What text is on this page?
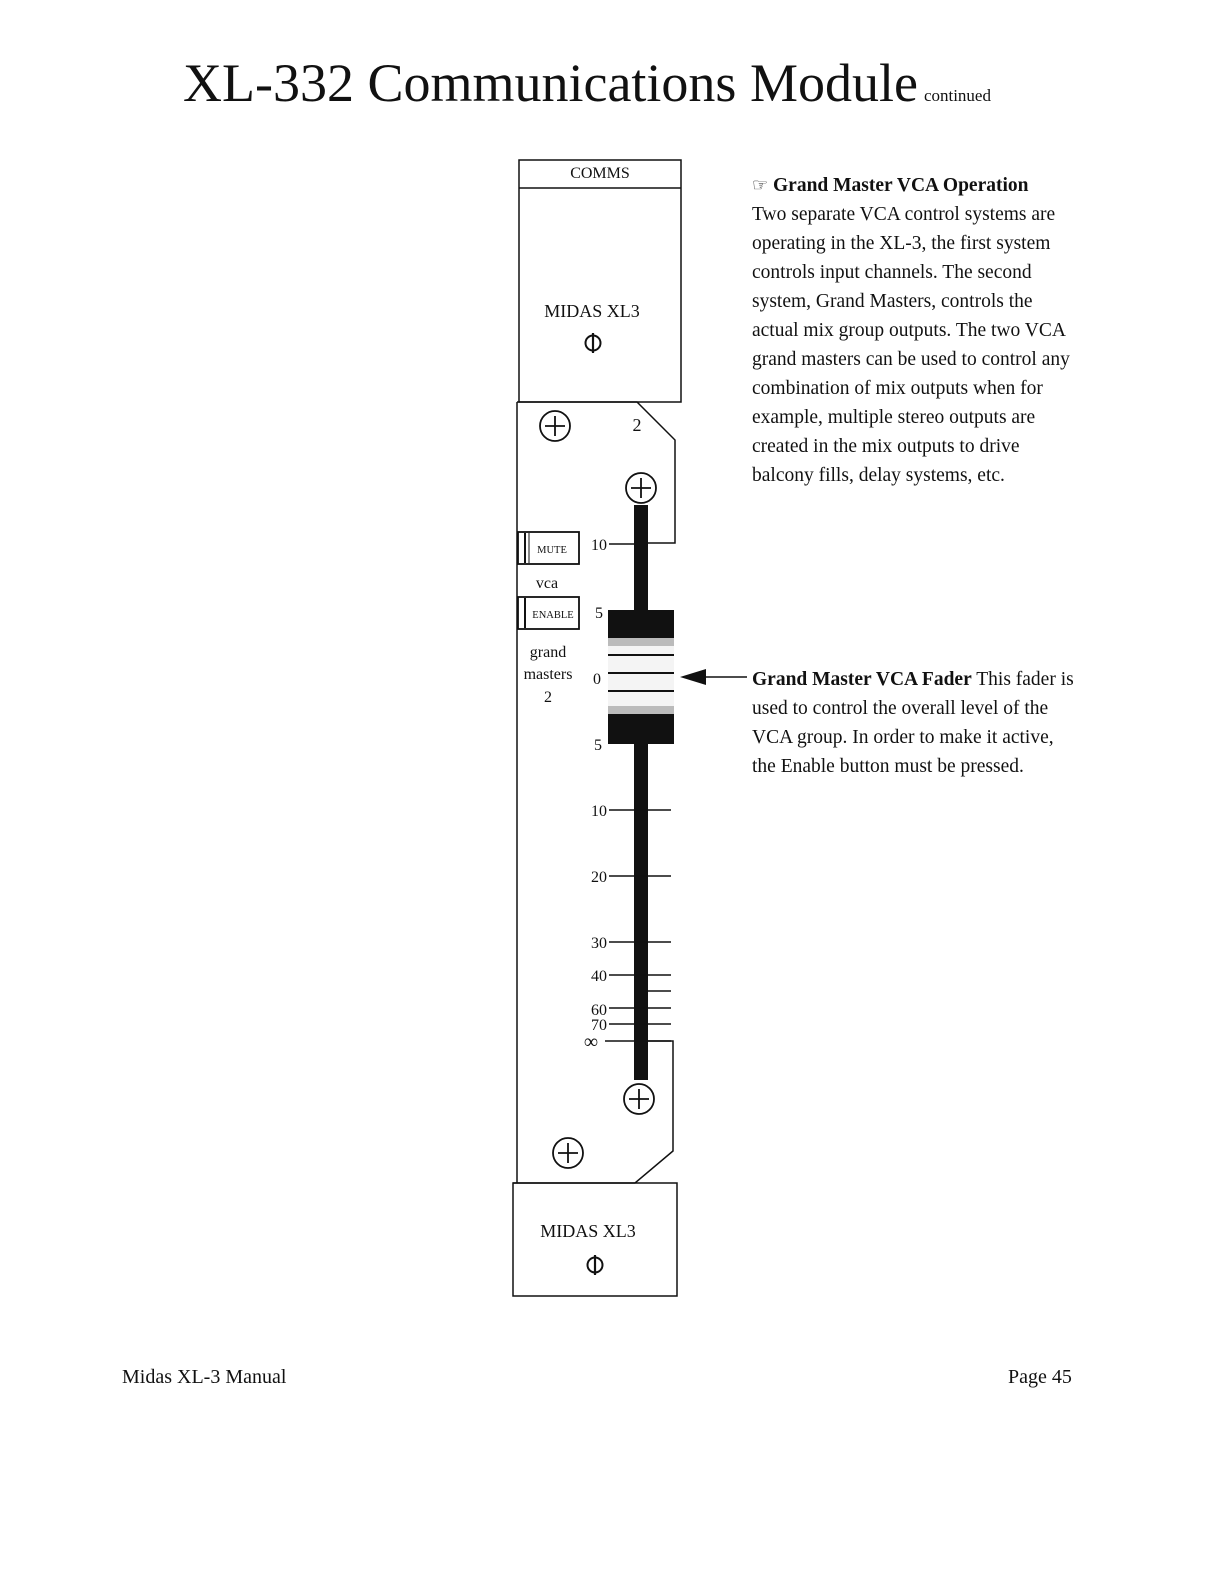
XL-332 Communications Module continued
COMMS
MIDAS XL3
2
10
5
0
5
10
20
30
40
60
70
∞
MUTE
vca
ENABLE
grand
masters
2
MIDAS XL3
☞ Grand Master VCA Operation
Two separate VCA control systems are operating in the XL-3, the first system controls input channels. The second system, Grand Masters, controls the actual mix group outputs. The two VCA grand masters can be used to control any combination of mix outputs when for example, multiple stereo outputs are created in the mix outputs to drive balcony fills, delay systems, etc.
Grand Master VCA Fader This fader is used to control the overall level of the VCA group. In order to make it active, the Enable button must be pressed.
Midas XL-3 Manual	Page 45
